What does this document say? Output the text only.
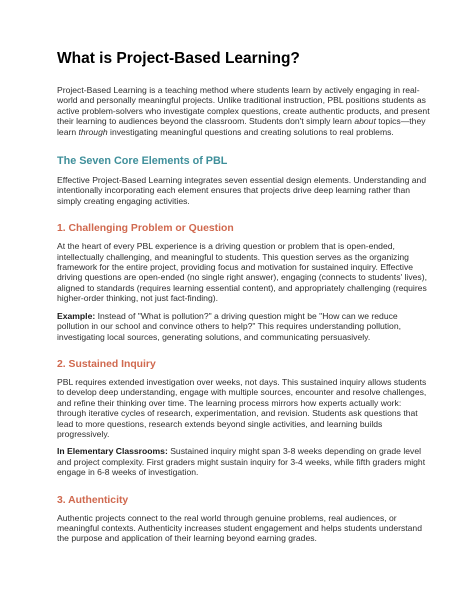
What is Project-Based Learning?

Project-Based Learning is a teaching method where students learn by actively engaging in real-world and personally meaningful projects. Unlike traditional instruction, PBL positions students as active problem-solvers who investigate complex questions, create authentic products, and present their learning to audiences beyond the classroom. Students don't simply learn about topics—they learn through investigating meaningful questions and creating solutions to real problems.

The Seven Core Elements of PBL

Effective Project-Based Learning integrates seven essential design elements. Understanding and intentionally incorporating each element ensures that projects drive deep learning rather than simply creating engaging activities.

1. Challenging Problem or Question

At the heart of every PBL experience is a driving question or problem that is open-ended, intellectually challenging, and meaningful to students. This question serves as the organizing framework for the entire project, providing focus and motivation for sustained inquiry. Effective driving questions are open-ended (no single right answer), engaging (connects to students' lives), aligned to standards (requires learning essential content), and appropriately challenging (requires higher-order thinking, not just fact-finding).

Example: Instead of "What is pollution?" a driving question might be "How can we reduce pollution in our school and convince others to help?" This requires understanding pollution, investigating local sources, generating solutions, and communicating persuasively.

2. Sustained Inquiry

PBL requires extended investigation over weeks, not days. This sustained inquiry allows students to develop deep understanding, engage with multiple sources, encounter and resolve challenges, and refine their thinking over time. The learning process mirrors how experts actually work: through iterative cycles of research, experimentation, and revision. Students ask questions that lead to more questions, research extends beyond single activities, and learning builds progressively.

In Elementary Classrooms: Sustained inquiry might span 3-8 weeks depending on grade level and project complexity. First graders might sustain inquiry for 3-4 weeks, while fifth graders might engage in 6-8 weeks of investigation.

3. Authenticity

Authentic projects connect to the real world through genuine problems, real audiences, or meaningful contexts. Authenticity increases student engagement and helps students understand the purpose and application of their learning beyond earning grades.
